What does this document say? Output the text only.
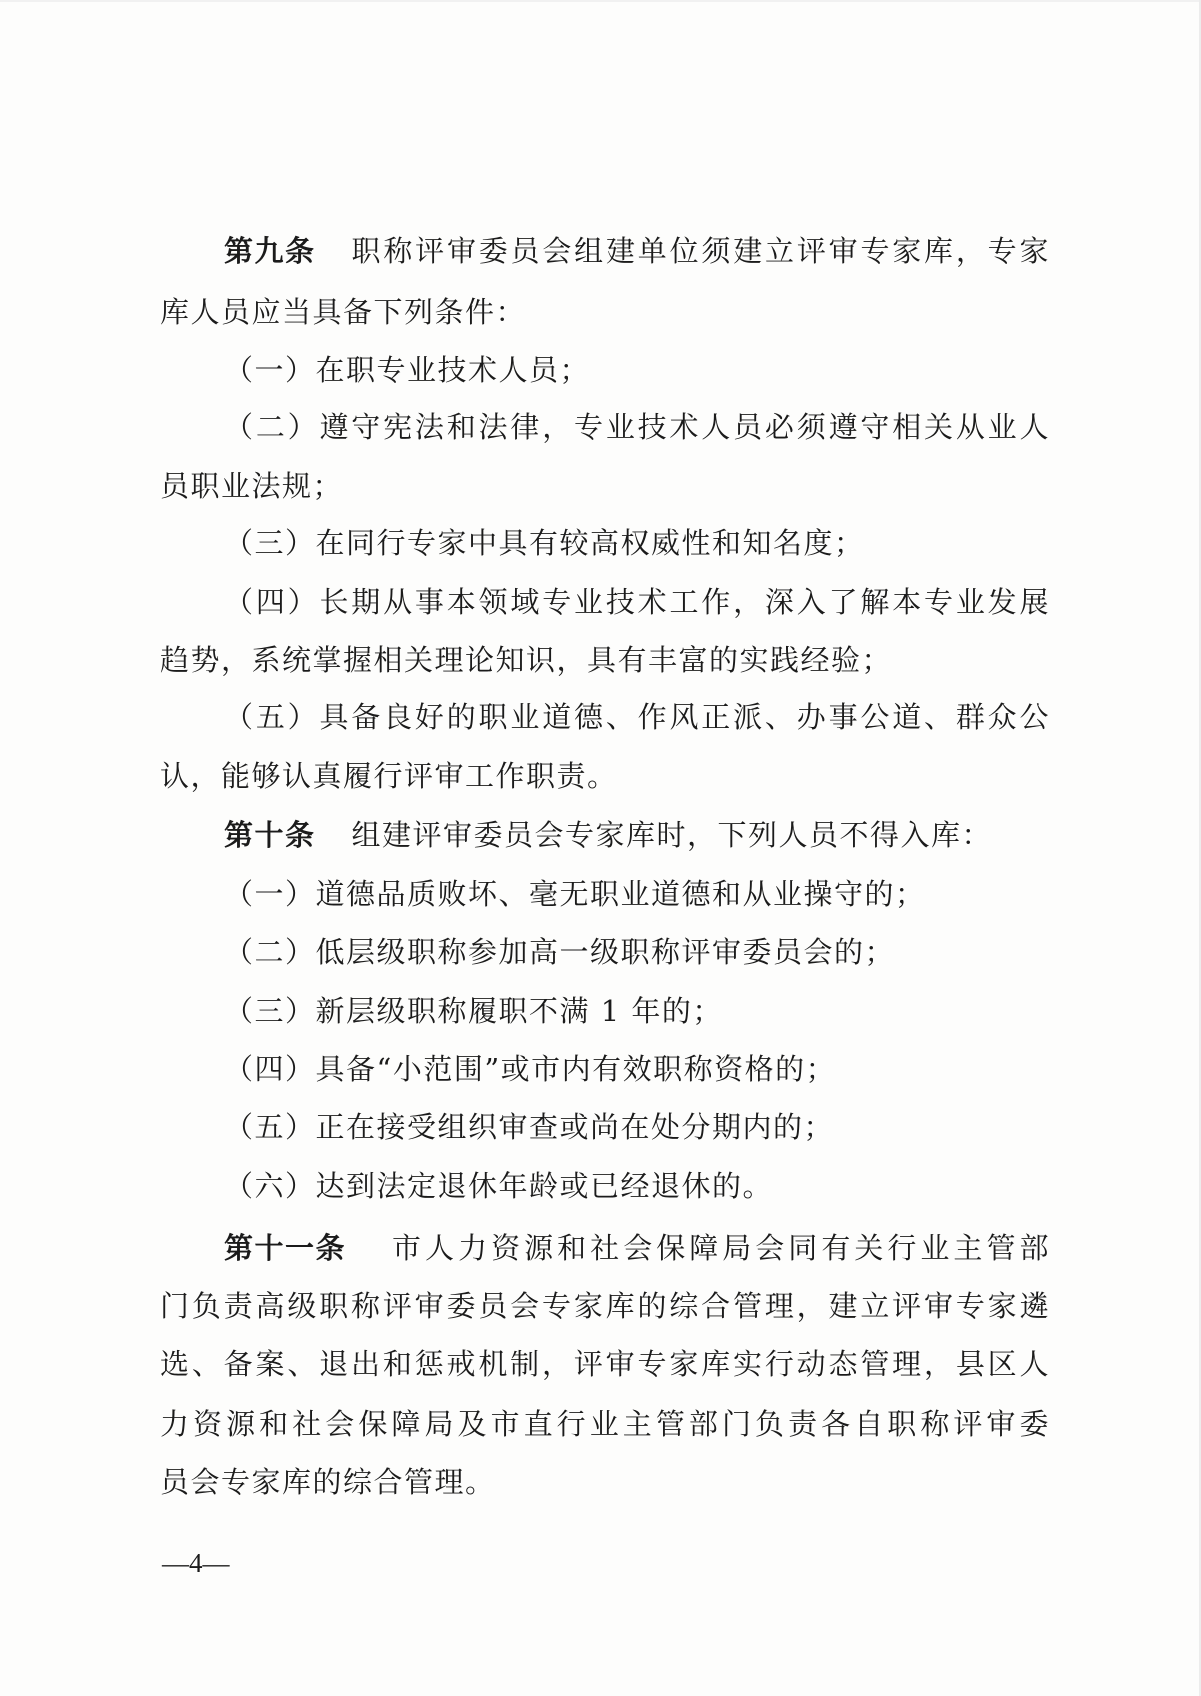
第九条 职称评审委员会组建单位须建立评审专家库，专家
库人员应当具备下列条件：
（一）在职专业技术人员；
（二）遵守宪法和法律，专业技术人员必须遵守相关从业人
员职业法规；
（三）在同行专家中具有较高权威性和知名度；
（四）长期从事本领域专业技术工作，深入了解本专业发展
趋势，系统掌握相关理论知识，具有丰富的实践经验；
（五）具备良好的职业道德、作风正派、办事公道、群众公
认，能够认真履行评审工作职责。
第十条 组建评审委员会专家库时，下列人员不得入库：
（一）道德品质败坏、毫无职业道德和从业操守的；
（二）低层级职称参加高一级职称评审委员会的；
（三）新层级职称履职不满 1 年的；
（四）具备“小范围”或市内有效职称资格的；
（五）正在接受组织审查或尚在处分期内的；
（六）达到法定退休年龄或已经退休的。
第十一条 市人力资源和社会保障局会同有关行业主管部
门负责高级职称评审委员会专家库的综合管理，建立评审专家遴
选、备案、退出和惩戒机制，评审专家库实行动态管理，县区人
力资源和社会保障局及市直行业主管部门负责各自职称评审委
员会专家库的综合管理。
—4—
